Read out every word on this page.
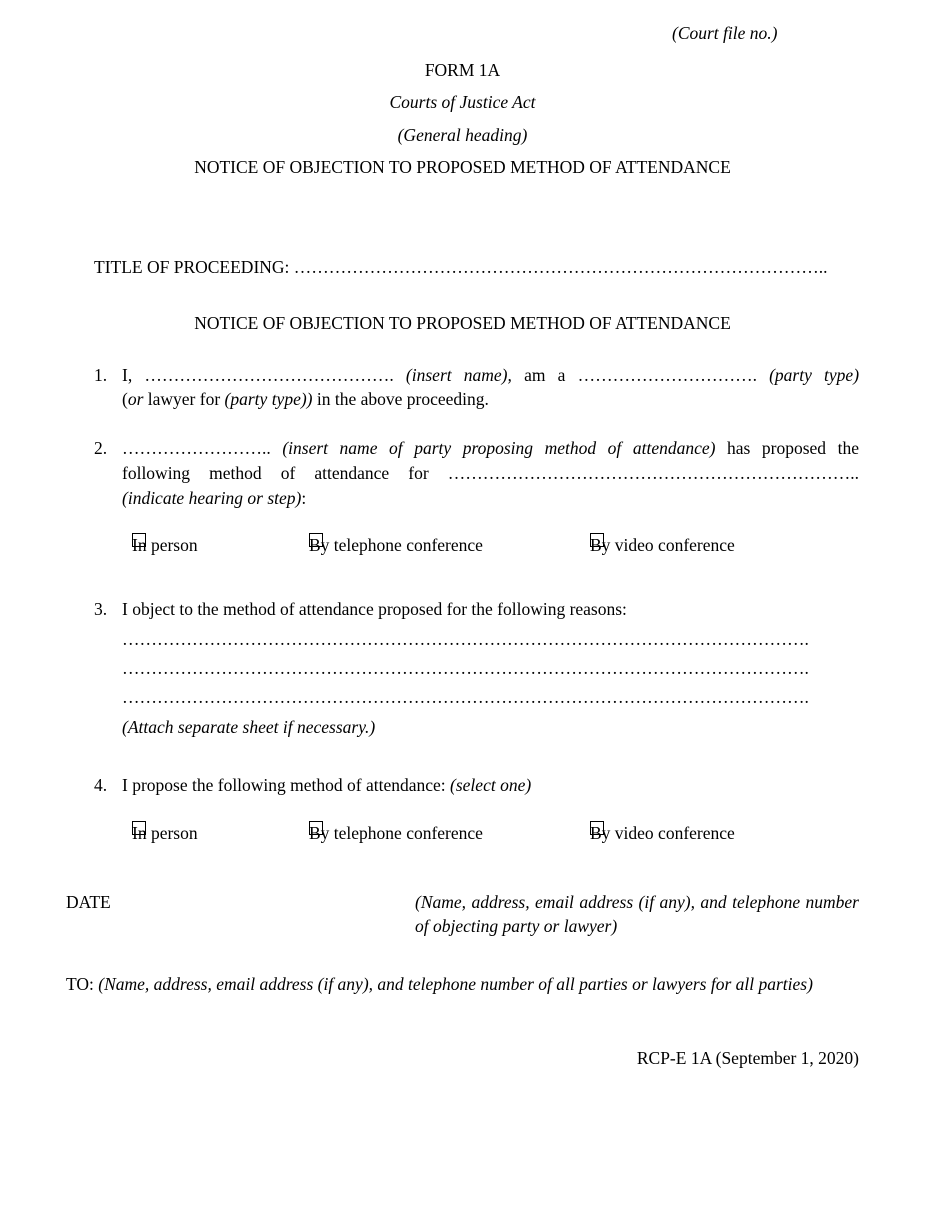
(Court file no.)
FORM 1A
Courts of Justice Act
(General heading)
NOTICE OF OBJECTION TO PROPOSED METHOD OF ATTENDANCE
TITLE OF PROCEEDING: ………………………………………………………………………………..
NOTICE OF OBJECTION TO PROPOSED METHOD OF ATTENDANCE
1. I, ……………………………………. (insert name), am a …………………………. (party type)
(or lawyer for (party type)) in the above proceeding.
2. …………………….. (insert name of party proposing method of attendance) has proposed the
following method of attendance for ……………………………………………………………..
(indicate hearing or step):
In person	By telephone conference	By video conference
3. I object to the method of attendance proposed for the following reasons:
……………………………………………………………………………………………………….
……………………………………………………………………………………………………….
……………………………………………………………………………………………………….
(Attach separate sheet if necessary.)
4. I propose the following method of attendance: (select one)
In person	By telephone conference	By video conference
DATE	(Name, address, email address (if any), and telephone number of objecting party or lawyer)
TO: (Name, address, email address (if any), and telephone number of all parties or lawyers for all parties)
RCP-E 1A (September 1, 2020)
